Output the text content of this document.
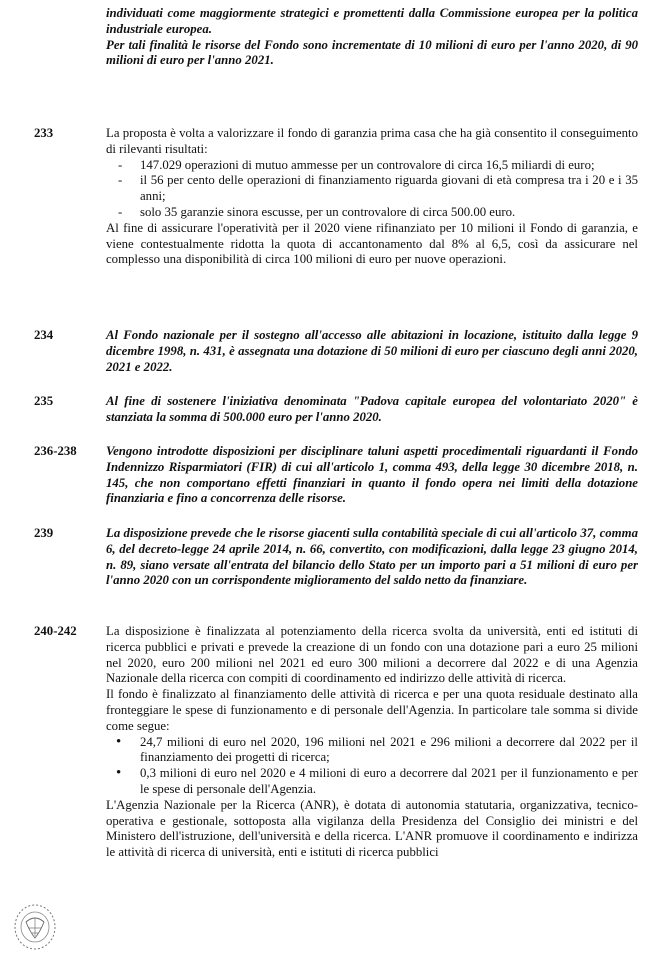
individuati come maggiormente strategici e promettenti dalla Commissione europea per la politica industriale europea.

Per tali finalità le risorse del Fondo sono incrementate di 10 milioni di euro per l'anno 2020, di 90 milioni di euro per l'anno 2021.

233	La proposta è volta a valorizzare il fondo di garanzia prima casa che ha già consentito il conseguimento di rilevanti risultati:

- 147.029 operazioni di mutuo ammesse per un controvalore di circa 16,5 miliardi di euro;
- il 56 per cento delle operazioni di finanziamento riguarda giovani di età compresa tra i 20 e i 35 anni;
- solo 35 garanzie sinora escusse, per un controvalore di circa 500.00 euro.

Al fine di assicurare l'operatività per il 2020 viene rifinanziato per 10 milioni il Fondo di garanzia, e viene contestualmente ridotta la quota di accantonamento dal 8% al 6,5, così da assicurare nel complesso una disponibilità di circa 100 milioni di euro per nuove operazioni.

234	Al Fondo nazionale per il sostegno all'accesso alle abitazioni in locazione, istituito dalla legge 9 dicembre 1998, n. 431, è assegnata una dotazione di 50 milioni di euro per ciascuno degli anni 2020, 2021 e 2022.
235	Al fine di sostenere l'iniziativa denominata "Padova capitale europea del volontariato 2020" è stanziata la somma di 500.000 euro per l'anno 2020.
236-238 Vengono introdotte disposizioni per disciplinare taluni aspetti procedimentali riguardanti il Fondo Indennizzo Risparmiatori (FIR) di cui all'articolo 1, comma 493, della legge 30 dicembre 2018, n. 145, che non comportano effetti finanziari in quanto il fondo opera nei limiti della dotazione finanziaria e fino a concorrenza delle risorse.
239	La disposizione prevede che le risorse giacenti sulla contabilità speciale di cui all'articolo 37, comma 6, del decreto-legge 24 aprile 2014, n. 66, convertito, con modificazioni, dalla legge 23 giugno 2014, n. 89, siano versate all'entrata del bilancio dello Stato per un importo pari a 51 milioni di euro per l'anno 2020 con un corrispondente miglioramento del saldo netto da finanziare.
240-242 La disposizione è finalizzata al potenziamento della ricerca svolta da università, enti ed istituti di ricerca pubblici e privati e prevede la creazione di un fondo con una dotazione pari a euro 25 milioni nel 2020, euro 200 milioni nel 2021 ed euro 300 milioni a decorrere dal 2022 e di una Agenzia Nazionale della ricerca con compiti di coordinamento ed indirizzo delle attività di ricerca.

Il fondo è finalizzato al finanziamento delle attività di ricerca e per una quota residuale destinato alla fronteggiare le spese di funzionamento e di personale dell'Agenzia. In particolare tale somma si divide come segue:

• 24,7 milioni di euro nel 2020, 196 milioni nel 2021 e 296 milioni a decorrere dal 2022 per il finanziamento dei progetti di ricerca;
• 0,3 milioni di euro nel 2020 e 4 milioni di euro a decorrere dal 2021 per il funzionamento e per le spese di personale dell'Agenzia.

L'Agenzia Nazionale per la Ricerca (ANR), è dotata di autonomia statutaria, organizzativa, tecnico-operativa e gestionale, sottoposta alla vigilanza della Presidenza del Consiglio dei ministri e del Ministero dell'istruzione, dell'università e della ricerca. L'ANR promuove il coordinamento e indirizza le attività di ricerca di università, enti e istituti di ricerca pubblici
